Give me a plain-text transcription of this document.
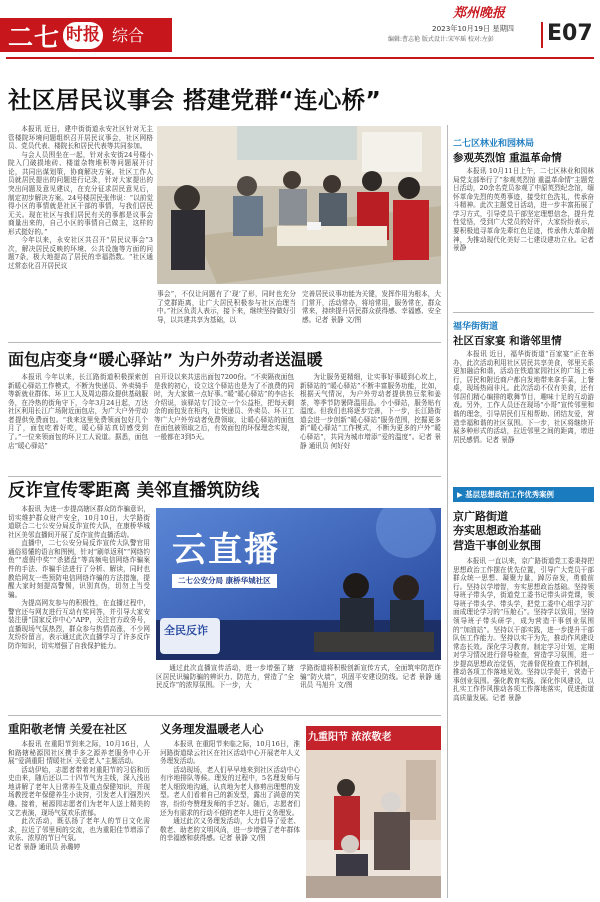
二七 时报 综合
郑州晚报
2023年10月19日 星期四
编辑:曹志艳 版式设计:宋军瑶 校对:左彭	E07
社区居民议事会 搭建党群“连心桥”

本报讯 近日，建中街街道永安社区针对无主管楼院环境问题组织召开居民议事会，社区网格员、党员代表、楼院长和居民代表等共同参加。

与会人员围坐在一起，针对永安街24号楼小院入门破损地砖、楼道杂物堆积等问题展开讨论，共同出谋划策，协商解决方案。社区工作人员就居民提出的问题进行记录，针对大家提出的突出问题及意见建议，在充分征求居民意见后，制定初步解决方案。24号楼居民张伟说：“以前觉得小区的事情就是社区干部的事情，与我们居民无关。现在社区与我们居民有关的事都是议事会商量出来的，自己小区的事情自己做主，这样的形式挺好的。”

今年以来，永安社区共召开“居民议事会”3次，解决居民反映的环境、公共设施等方面的问题7条，极大地提高了居民的幸福指数。“社区通过常态化召开居民议

事会”，不仅让问题有了‘现’了形，同时也充分了党群距离，让广大居民积极参与社区治理当中。”社区负责人表示，接下来，继续坚持做好引导，以共建共享为基础，以

完善居民议事功能为关键，发挥作用为根本，大门常开，活动常办，将培常用，服务常在，群众常来，持续提升居民群众获得感、幸福感、安全感。记者 景静 文/图

面包店变身“暖心驿站” 为户外劳动者送温暖

本报讯 今年以来，长江路街道积极探索创新暖心驿站工作模式，不断为快递员、外卖骑手等新就业群体、环卫工人及周边群众提供基础服务，在冷热的街角守下，今年3月24日起，万达社区利用长江广场附近面包店，为广大户外劳动者提供免费面包。“我来这里免费领面包好几个月了，面包吃着好吃，暖心驿站真切感受到了。”一位来领面包的环卫工人说道。据悉，面包店“暖心驿站”

自开设以来共送出面包7200份。“不卖隔夜面包是我的初心，设立这个驿站也是为了不浪费的同时，为大家做一点好事。”暖“暖心驿站”的李店长介绍说，该驿站专门设立一个公益柜，把每天剩余的面包发在柜内，让快递员、外卖员、环卫工等广大户外劳动者免费领取，让暖心驿站的面包在面包被领取之后，有效面包的环保理念实现，一般都在3到5天。

为让服务更精细，让实事好事暖到心坎上，新驿站的“暖心驿站”不断丰富服务功能，比如，根据天气情况，为户外劳动者提供热豆浆和姜茶，等季节防暑降温用品。小小驿站，服务贴有温度。但我们也将逐步完善，下一步，长江路街道会进一步创新“暖心驿站”服务范围，挖掘更多新“暖心驿站”工作模式，不断为更多的户外“暖心驿站”，共同为城市增添“爱的温度”。记者 景静 通讯员 何好好

反诈宣传零距离 美邻直播筑防线

本报讯 为进一步提高辖区群众防诈骗意识，切实维护群众财产安全，10月10日，大学路街道联合二七公安分局反诈宣传大队，在康桥华城社区美邻直播间开展了反诈宣传直播活动。

直播中，二七公安分局反诈宣传大队警官用通俗易懂的语言和图例，针对“刷单返利”“网络钓鱼”“虚假中奖”“杀猪盘”等高频电信网络诈骗案件的手法、诈骗手法进行了分析、解读，同时也教给网友一些预防电信网络诈骗的方法措施，提醒大家时刻提高警惕，识别真伪，切勿上当受骗。

为提高网友参与的积极性，在直播过程中，警官还与网友进行互动有奖问答，并引导大家安装注册“国家反诈中心”APP，关注官方政务号，直播现场气氛热烈，群众参与热情高涨，不少网友纷纷留言，表示通过此次直播学习了许多反诈防诈知识，切实增强了自我保护能力。

云直播
二七公安分局 康桥华城社区
全民反诈

通过此次直播宣传活动，进一步增强了辖区居民识骗防骗的辨识力、防范力，营造了“全民反诈”的浓厚氛围。下一步，大

学路街道将积极创新宣传方式，全面筑牢防范诈骗“防火墙”，巩固平安建设防线。记者 景静 通讯员 马旭升 文/图

重阳敬老情 关爱在社区

本报讯 在重阳节到来之际，10月16日，人和路辖秘源园社区携手多之源养老服务中心开展“爱满重阳 情暖社区 关爱老人”主题活动。

活动伊始，志愿者带着对重阳节的习俗和历史由来，随后还以二十四节气为主线，深入浅出地讲解了老年人日常养生及重点保健知识，并现场教授老年保健养生小诀窍，引发老人们强烈兴趣。接着，秘源园志愿者们为老年人送上精美的文艺表演，现场气氛欢乐浓郁。

此次活动，既弘扬了老年人的节日文化需求，拉近了邻里间的交流，也为重阳佳节增添了欢乐、浓厚的节日气氛。

记者 景静 通讯员 孙璐婷

义务理发温暖老人心

本报讯 在重阳节来临之际，10月16日，淮河路街道绿云社区在社区活动中心开展老年人义务理发活动。

活动现场，老人们早早地来到社区活动中心有序地排队等候。理发的过程中，5名理发师与老人细致地沟通，认真地为老人修剪出理想的发型。老人们看着自己的新发型，露出了满意的笑容，纷纷夸赞理发师的手艺好。随后，志愿者们还为有需求的行动不便的老年人进行义务理发。

通过此次义务理发活动，大力倡导了爱老、敬老、助老的文明风尚，进一步增强了老年群体的幸福感和获得感。记者 景静 文/图

九重阳节 浓浓敬老
二七区林业和园林局
参观英烈馆 重温革命情

本报讯 10月11日上午，二七区林业和园林局党支部举行了“参观英烈馆 重温革命情”主题党日活动，20余名党员参观了中原英烈纪念馆，缅怀革命先烈的英勇事迹，接受红色洗礼，传承奋斗精神。此次主题党日活动，进一步丰富拓展了学习方式，引导党员干部坚定理想信念，提升党性觉悟，受到广大党员的好评，大家纷纷表示，要积极追寻革命先辈红色足迹，传承伟大革命精神，为推动现代化美好二七建设建功立业。记者 景静

福华街街道
社区百家宴 和谐邻里情

本报讯 近日，福华街街道“百家宴”正在举办，此次活动利用社区居民共享美食，邻里关系更加融洽和谐，活动在铁道家园社区的广场上举行，居民和附近商户都自发地带来拿手菜，上餐桌，现场热闹非凡。此次活动不仅有美食，还有邻居们精心编排的歌舞节目，趣味十足的互动游戏。另外，工作人员还在现场“小哥”宣传邻里和谐的理念，引导居民们互相帮助、团结友爱，营造幸福和谐的社区氛围。下一步，社区将继续开展多种形式的活动，拉近邻里之间的距离，增进居民感情。记者 景静

▶ 基层思想政治工作优秀案例
京广路街道
夯实思想政治基础
营造干事创业氛围

本报讯 一直以来，京广路街道党工委秉持把思想政治工作摆在优先位置，引导广大党员干部群众统一思想、凝聚力量，踔厉奋发，勇毅前行。坚持以学增智，夯实思想政治基础。坚持领导班子带头学，街道党工委书记带头讲党课，领导班子带头学、带头学，把党工委中心组学习扩面成理论学习的“压舱石”。坚持学以致用，坚持领导班子带头研学，成为营造干事创业氛围的“加油站”。坚持以干部实践，进一步提升干部队伍工作能力。坚持以实干为先，推动作风建设常态长效。深化学习教育。制定学习计划，定期对学习情况进行督导检查，营造学习氛围，进一步提高思想政治觉悟，完善督促检查工作机制，推动各项工作落地见效。坚持以学促干，营造干事创业氛围。强化教育实践，深化作风建设，以扎实工作作风推动各项工作落地落实，促进街道高质量发展。记者 景静
